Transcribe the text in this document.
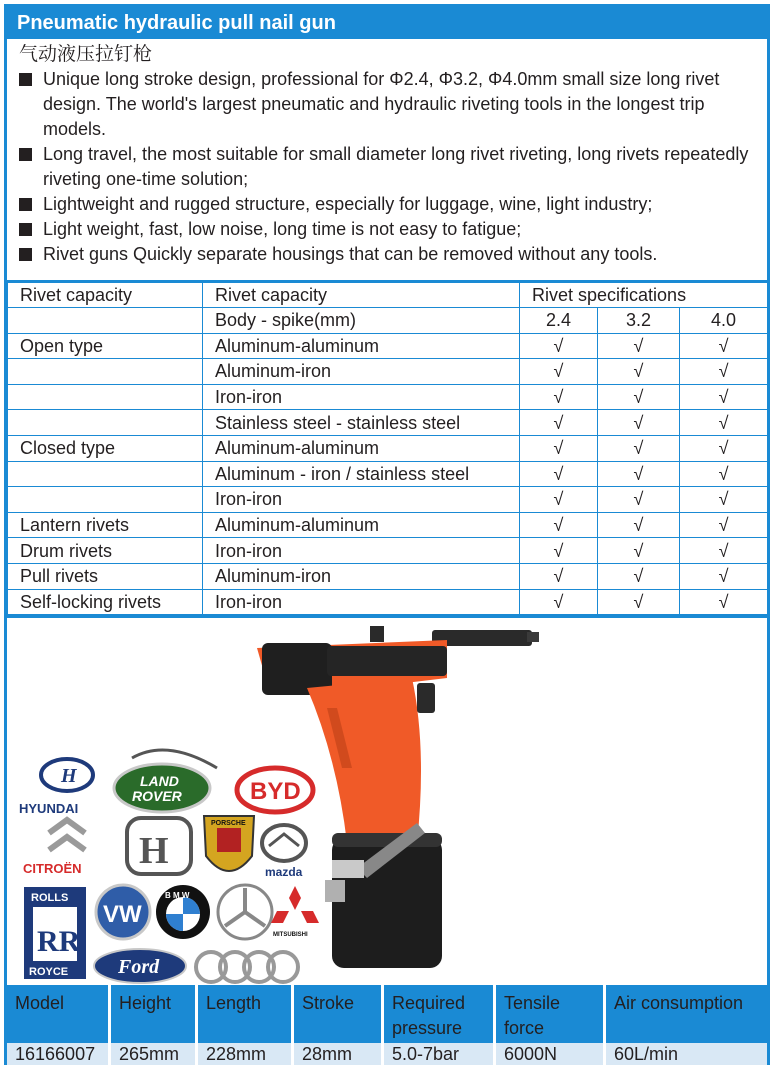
Pneumatic hydraulic pull nail gun
气动液压拉钉枪
Unique long stroke design, professional for Φ2.4, Φ3.2, Φ4.0mm small size long rivet design. The world's largest pneumatic and hydraulic riveting tools in the longest trip models.
Long travel, the most suitable for small diameter long rivet riveting, long rivets repeatedly riveting one-time solution;
Lightweight and rugged structure, especially for luggage, wine, light industry;
Light weight, fast, low noise, long time is not easy to fatigue;
Rivet guns Quickly separate housings that can be removed without any tools.
Rivet capacity	Rivet capacity	Rivet specifications		
	Body - spike(mm)	2.4	3.2	4.0
Open type	Aluminum-aluminum	√	√	√
	Aluminum-iron	√	√	√
	Iron-iron	√	√	√
	Stainless steel - stainless steel	√	√	√
Closed type	Aluminum-aluminum	√	√	√
	Aluminum - iron / stainless steel	√	√	√
	Iron-iron	√	√	√
Lantern rivets	Aluminum-aluminum	√	√	√
Drum rivets	Iron-iron	√	√	√
Pull rivets	Aluminum-iron	√	√	√
Self-locking rivets	Iron-iron	√	√	√
H
HYUNDAI
LAND
ROVER	BYD
CITROËN H
PORSCHE
mazda
ROLLS
RR
ROYCE
VW
B M W
MITSUBISHI
Ford
Model	Height	Length	Stroke	Required pressure	Tensile force	Air consumption
16166007	265mm	228mm	28mm	5.0-7bar	6000N	60L/min
